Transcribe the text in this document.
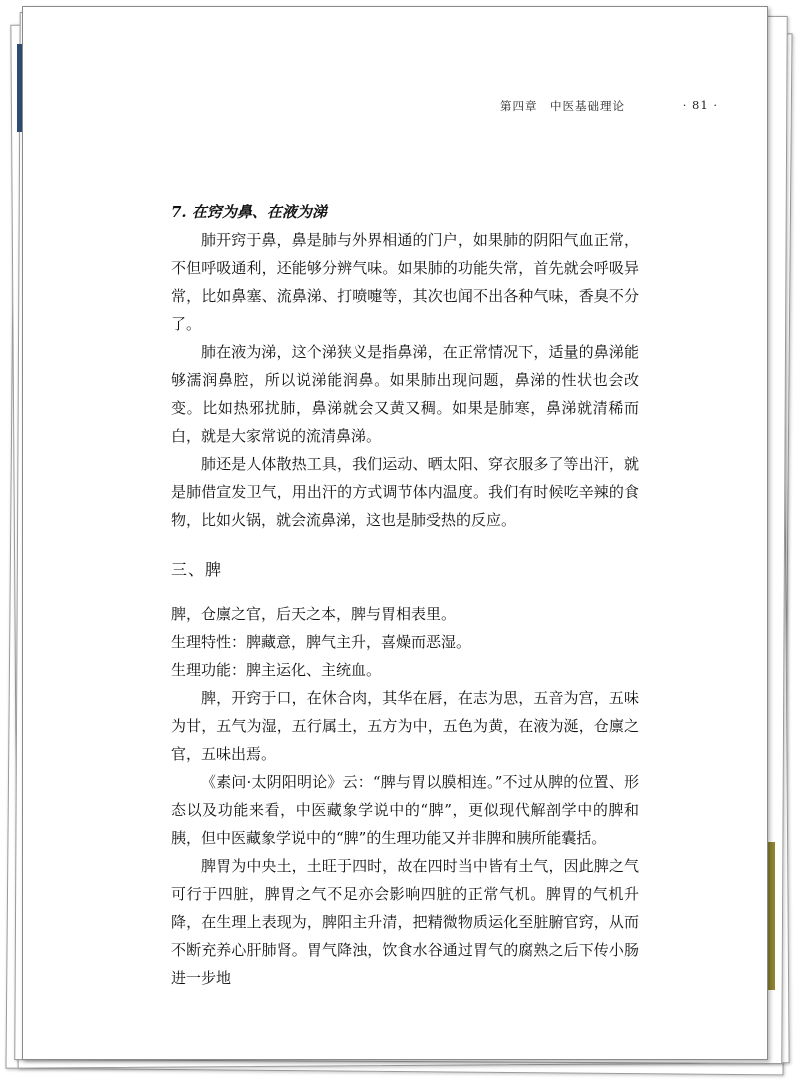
第四章　中医基础理论	· 81 ·
7. 在窍为鼻、在液为涕

肺开窍于鼻，鼻是肺与外界相通的门户，如果肺的阴阳气血正常，不但呼吸通利，还能够分辨气味。如果肺的功能失常，首先就会呼吸异常，比如鼻塞、流鼻涕、打喷嚏等，其次也闻不出各种气味，香臭不分了。

肺在液为涕，这个涕狭义是指鼻涕，在正常情况下，适量的鼻涕能够濡润鼻腔，所以说涕能润鼻。如果肺出现问题，鼻涕的性状也会改变。比如热邪扰肺，鼻涕就会又黄又稠。如果是肺寒，鼻涕就清稀而白，就是大家常说的流清鼻涕。

肺还是人体散热工具，我们运动、晒太阳、穿衣服多了等出汗，就是肺借宣发卫气，用出汗的方式调节体内温度。我们有时候吃辛辣的食物，比如火锅，就会流鼻涕，这也是肺受热的反应。

三、脾

脾，仓廪之官，后天之本，脾与胃相表里。

生理特性：脾藏意，脾气主升，喜燥而恶湿。

生理功能：脾主运化、主统血。

脾，开窍于口，在休合肉，其华在唇，在志为思，五音为宫，五味为甘，五气为湿，五行属土，五方为中，五色为黄，在液为涎，仓廪之官，五味出焉。

《素问·太阴阳明论》云：“脾与胃以膜相连。”不过从脾的位置、形态以及功能来看，中医藏象学说中的“脾”，更似现代解剖学中的脾和胰，但中医藏象学说中的“脾”的生理功能又并非脾和胰所能囊括。

脾胃为中央土，土旺于四时，故在四时当中皆有土气，因此脾之气可行于四脏，脾胃之气不足亦会影响四脏的正常气机。脾胃的气机升降，在生理上表现为，脾阳主升清，把精微物质运化至脏腑官窍，从而不断充养心肝肺肾。胃气降浊，饮食水谷通过胃气的腐熟之后下传小肠进一步地
